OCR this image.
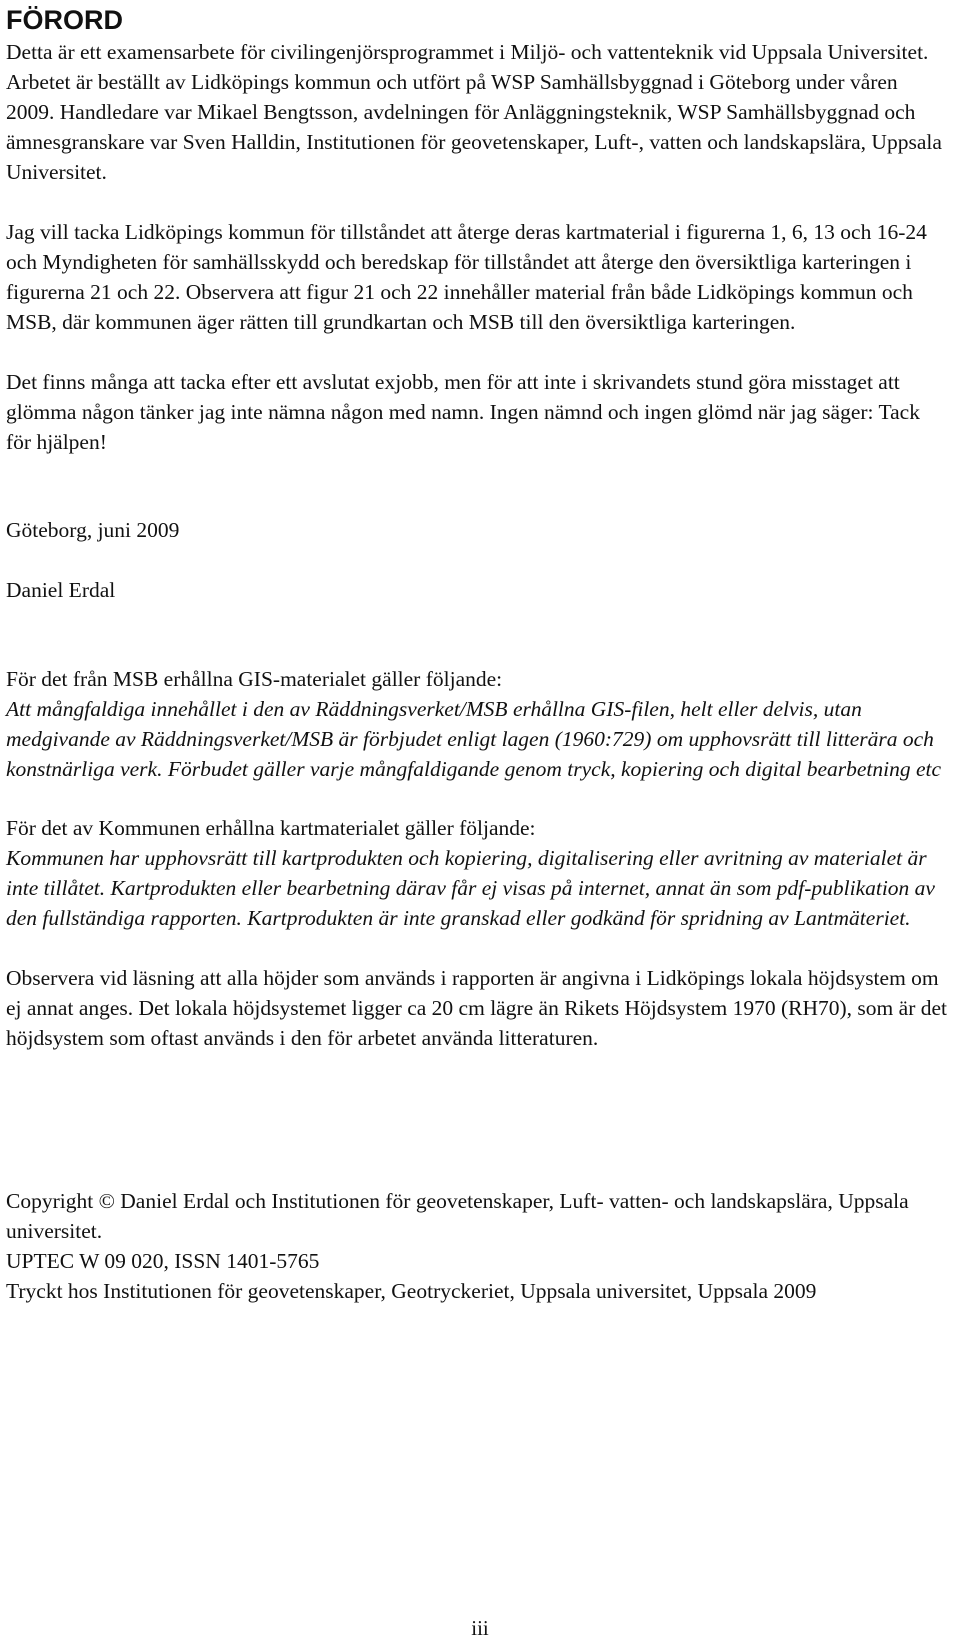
FÖRORD

Detta är ett examensarbete för civilingenjörsprogrammet i Miljö- och vattenteknik vid Uppsala Universitet. Arbetet är beställt av Lidköpings kommun och utfört på WSP Samhällsbyggnad i Göteborg under våren 2009. Handledare var Mikael Bengtsson, avdelningen för Anläggningsteknik, WSP Samhällsbyggnad och ämnesgranskare var Sven Halldin, Institutionen för geovetenskaper, Luft-, vatten och landskapslära, Uppsala Universitet.

Jag vill tacka Lidköpings kommun för tillståndet att återge deras kartmaterial i figurerna 1, 6, 13 och 16-24 och Myndigheten för samhällsskydd och beredskap för tillståndet att återge den översiktliga karteringen i figurerna 21 och 22. Observera att figur 21 och 22 innehåller material från både Lidköpings kommun och MSB, där kommunen äger rätten till grundkartan och MSB till den översiktliga karteringen.

Det finns många att tacka efter ett avslutat exjobb, men för att inte i skrivandets stund göra misstaget att glömma någon tänker jag inte nämna någon med namn. Ingen nämnd och ingen glömd när jag säger: Tack för hjälpen!

Göteborg, juni 2009

Daniel Erdal

För det från MSB erhållna GIS-materialet gäller följande:

Att mångfaldiga innehållet i den av Räddningsverket/MSB erhållna GIS-filen, helt eller delvis, utan medgivande av Räddningsverket/MSB är förbjudet enligt lagen (1960:729) om upphovsrätt till litterära och konstnärliga verk. Förbudet gäller varje mångfaldigande genom tryck, kopiering och digital bearbetning etc

För det av Kommunen erhållna kartmaterialet gäller följande:

Kommunen har upphovsrätt till kartprodukten och kopiering, digitalisering eller avritning av materialet är inte tillåtet. Kartprodukten eller bearbetning därav får ej visas på internet, annat än som pdf-publikation av den fullständiga rapporten. Kartprodukten är inte granskad eller godkänd för spridning av Lantmäteriet.

Observera vid läsning att alla höjder som används i rapporten är angivna i Lidköpings lokala höjdsystem om ej annat anges. Det lokala höjdsystemet ligger ca 20 cm lägre än Rikets Höjdsystem 1970 (RH70), som är det höjdsystem som oftast används i den för arbetet använda litteraturen.

Copyright © Daniel Erdal och Institutionen för geovetenskaper, Luft- vatten- och landskapslära, Uppsala universitet.

UPTEC W 09 020, ISSN 1401-5765

Tryckt hos Institutionen för geovetenskaper, Geotryckeriet, Uppsala universitet, Uppsala 2009

iii
